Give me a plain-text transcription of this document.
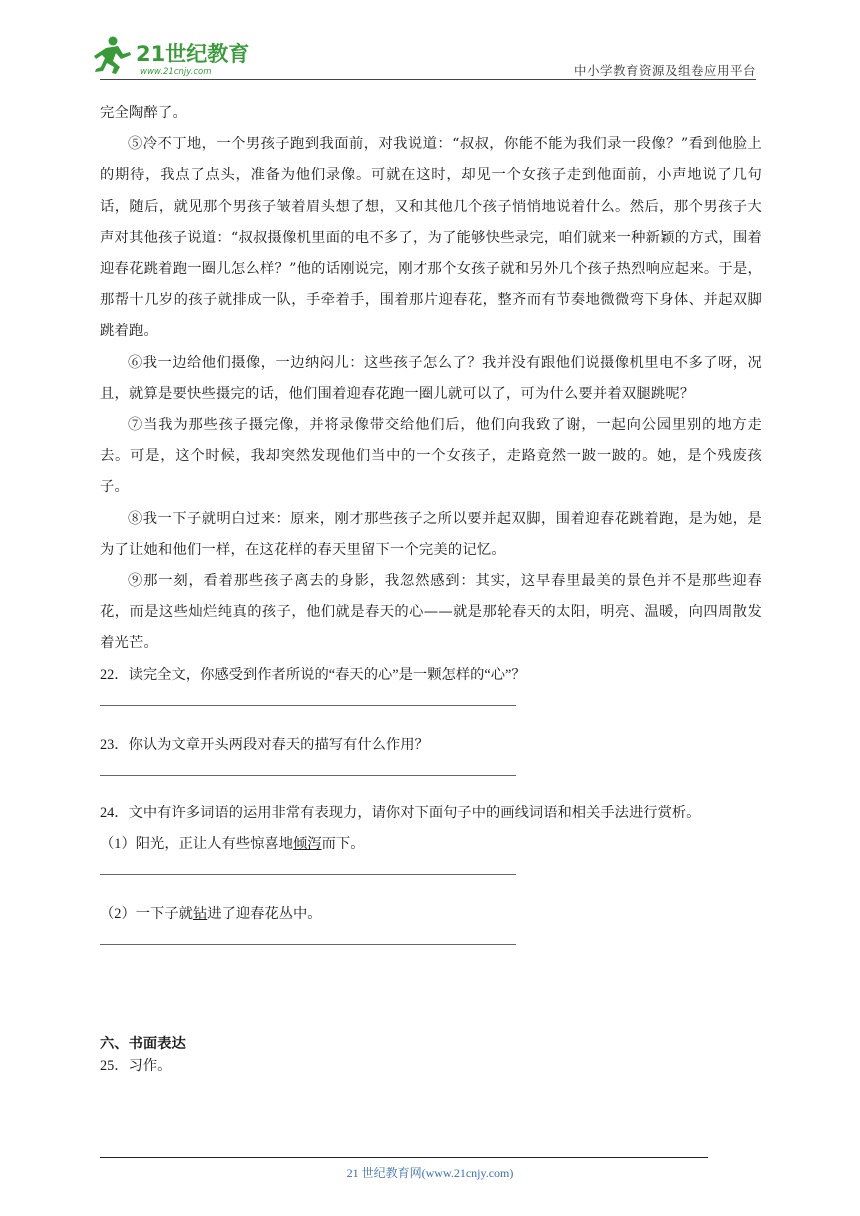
21世纪教育
www.21cnjy.com	中小学教育资源及组卷应用平台

完全陶醉了。

⑤冷不丁地，一个男孩子跑到我面前，对我说道：“叔叔，你能不能为我们录一段像？”看到他脸上的期待，我点了点头，准备为他们录像。可就在这时，却见一个女孩子走到他面前，小声地说了几句话，随后，就见那个男孩子皱着眉头想了想，又和其他几个孩子悄悄地说着什么。然后，那个男孩子大声对其他孩子说道：“叔叔摄像机里面的电不多了，为了能够快些录完，咱们就来一种新颖的方式，围着迎春花跳着跑一圈儿怎么样？”他的话刚说完，刚才那个女孩子就和另外几个孩子热烈响应起来。于是，那帮十几岁的孩子就排成一队，手牵着手，围着那片迎春花，整齐而有节奏地微微弯下身体、并起双脚跳着跑。

⑥我一边给他们摄像，一边纳闷儿：这些孩子怎么了？我并没有跟他们说摄像机里电不多了呀，况且，就算是要快些摄完的话，他们围着迎春花跑一圈儿就可以了，可为什么要并着双腿跳呢？

⑦当我为那些孩子摄完像，并将录像带交给他们后，他们向我致了谢，一起向公园里别的地方走去。可是，这个时候，我却突然发现他们当中的一个女孩子，走路竟然一跛一跛的。她，是个残废孩子。

⑧我一下子就明白过来：原来，刚才那些孩子之所以要并起双脚，围着迎春花跳着跑，是为她，是为了让她和他们一样，在这花样的春天里留下一个完美的记忆。

⑨那一刻，看着那些孩子离去的身影，我忽然感到：其实，这早春里最美的景色并不是那些迎春花，而是这些灿烂纯真的孩子，他们就是春天的心——就是那轮春天的太阳，明亮、温暖，向四周散发着光芒。

22．读完全文，你感受到作者所说的“春天的心”是一颗怎样的“心”？

23．你认为文章开头两段对春天的描写有什么作用？

24．文中有许多词语的运用非常有表现力，请你对下面句子中的画线词语和相关手法进行赏析。

（1）阳光，正让人有些惊喜地倾泻而下。

（2）一下子就钻进了迎春花丛中。

六、书面表达

25．习作。

21 世纪教育网(www.21cnjy.com)
